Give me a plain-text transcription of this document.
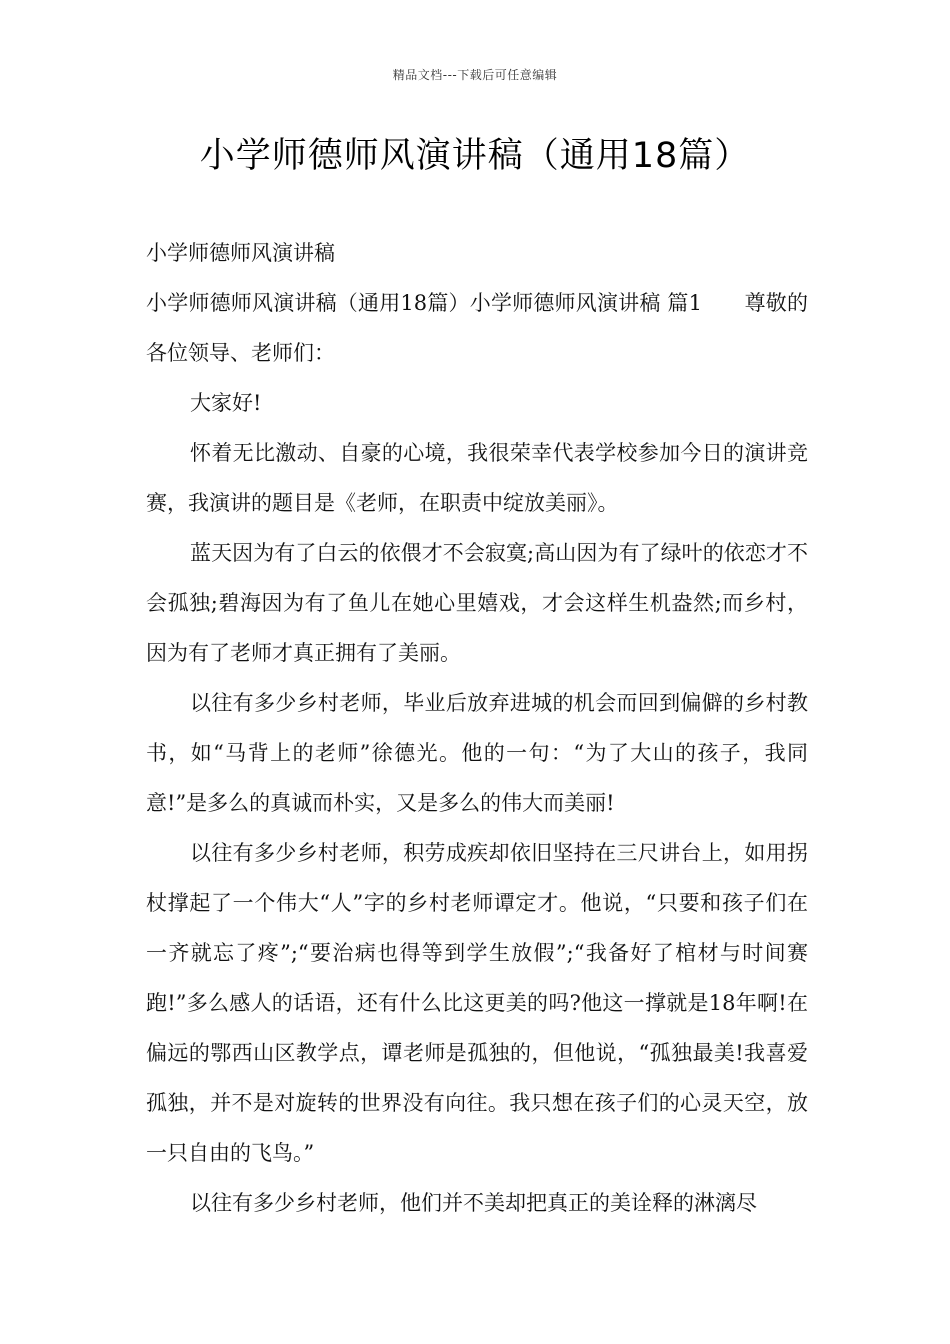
精品文档---下载后可任意编辑
小学师德师风演讲稿（通用18篇）

小学师德师风演讲稿

小学师德师风演讲稿（通用18篇）小学师德师风演讲稿 篇1　　尊敬的各位领导、老师们：

大家好!

怀着无比激动、自豪的心境，我很荣幸代表学校参加今日的演讲竞赛，我演讲的题目是《老师，在职责中绽放美丽》。

蓝天因为有了白云的依偎才不会寂寞;高山因为有了绿叶的依恋才不会孤独;碧海因为有了鱼儿在她心里嬉戏，才会这样生机盎然;而乡村，因为有了老师才真正拥有了美丽。

以往有多少乡村老师，毕业后放弃进城的机会而回到偏僻的乡村教书，如“马背上的老师”徐德光。他的一句：“为了大山的孩子，我同意!”是多么的真诚而朴实，又是多么的伟大而美丽!

以往有多少乡村老师，积劳成疾却依旧坚持在三尺讲台上，如用拐杖撑起了一个伟大“人”字的乡村老师谭定才。他说，“只要和孩子们在一齐就忘了疼”;“要治病也得等到学生放假”;“我备好了棺材与时间赛跑!”多么感人的话语，还有什么比这更美的吗?他这一撑就是18年啊!在偏远的鄂西山区教学点，谭老师是孤独的，但他说，“孤独最美!我喜爱孤独，并不是对旋转的世界没有向往。我只想在孩子们的心灵天空，放一只自由的飞鸟。”

以往有多少乡村老师，他们并不美却把真正的美诠释的淋漓尽
